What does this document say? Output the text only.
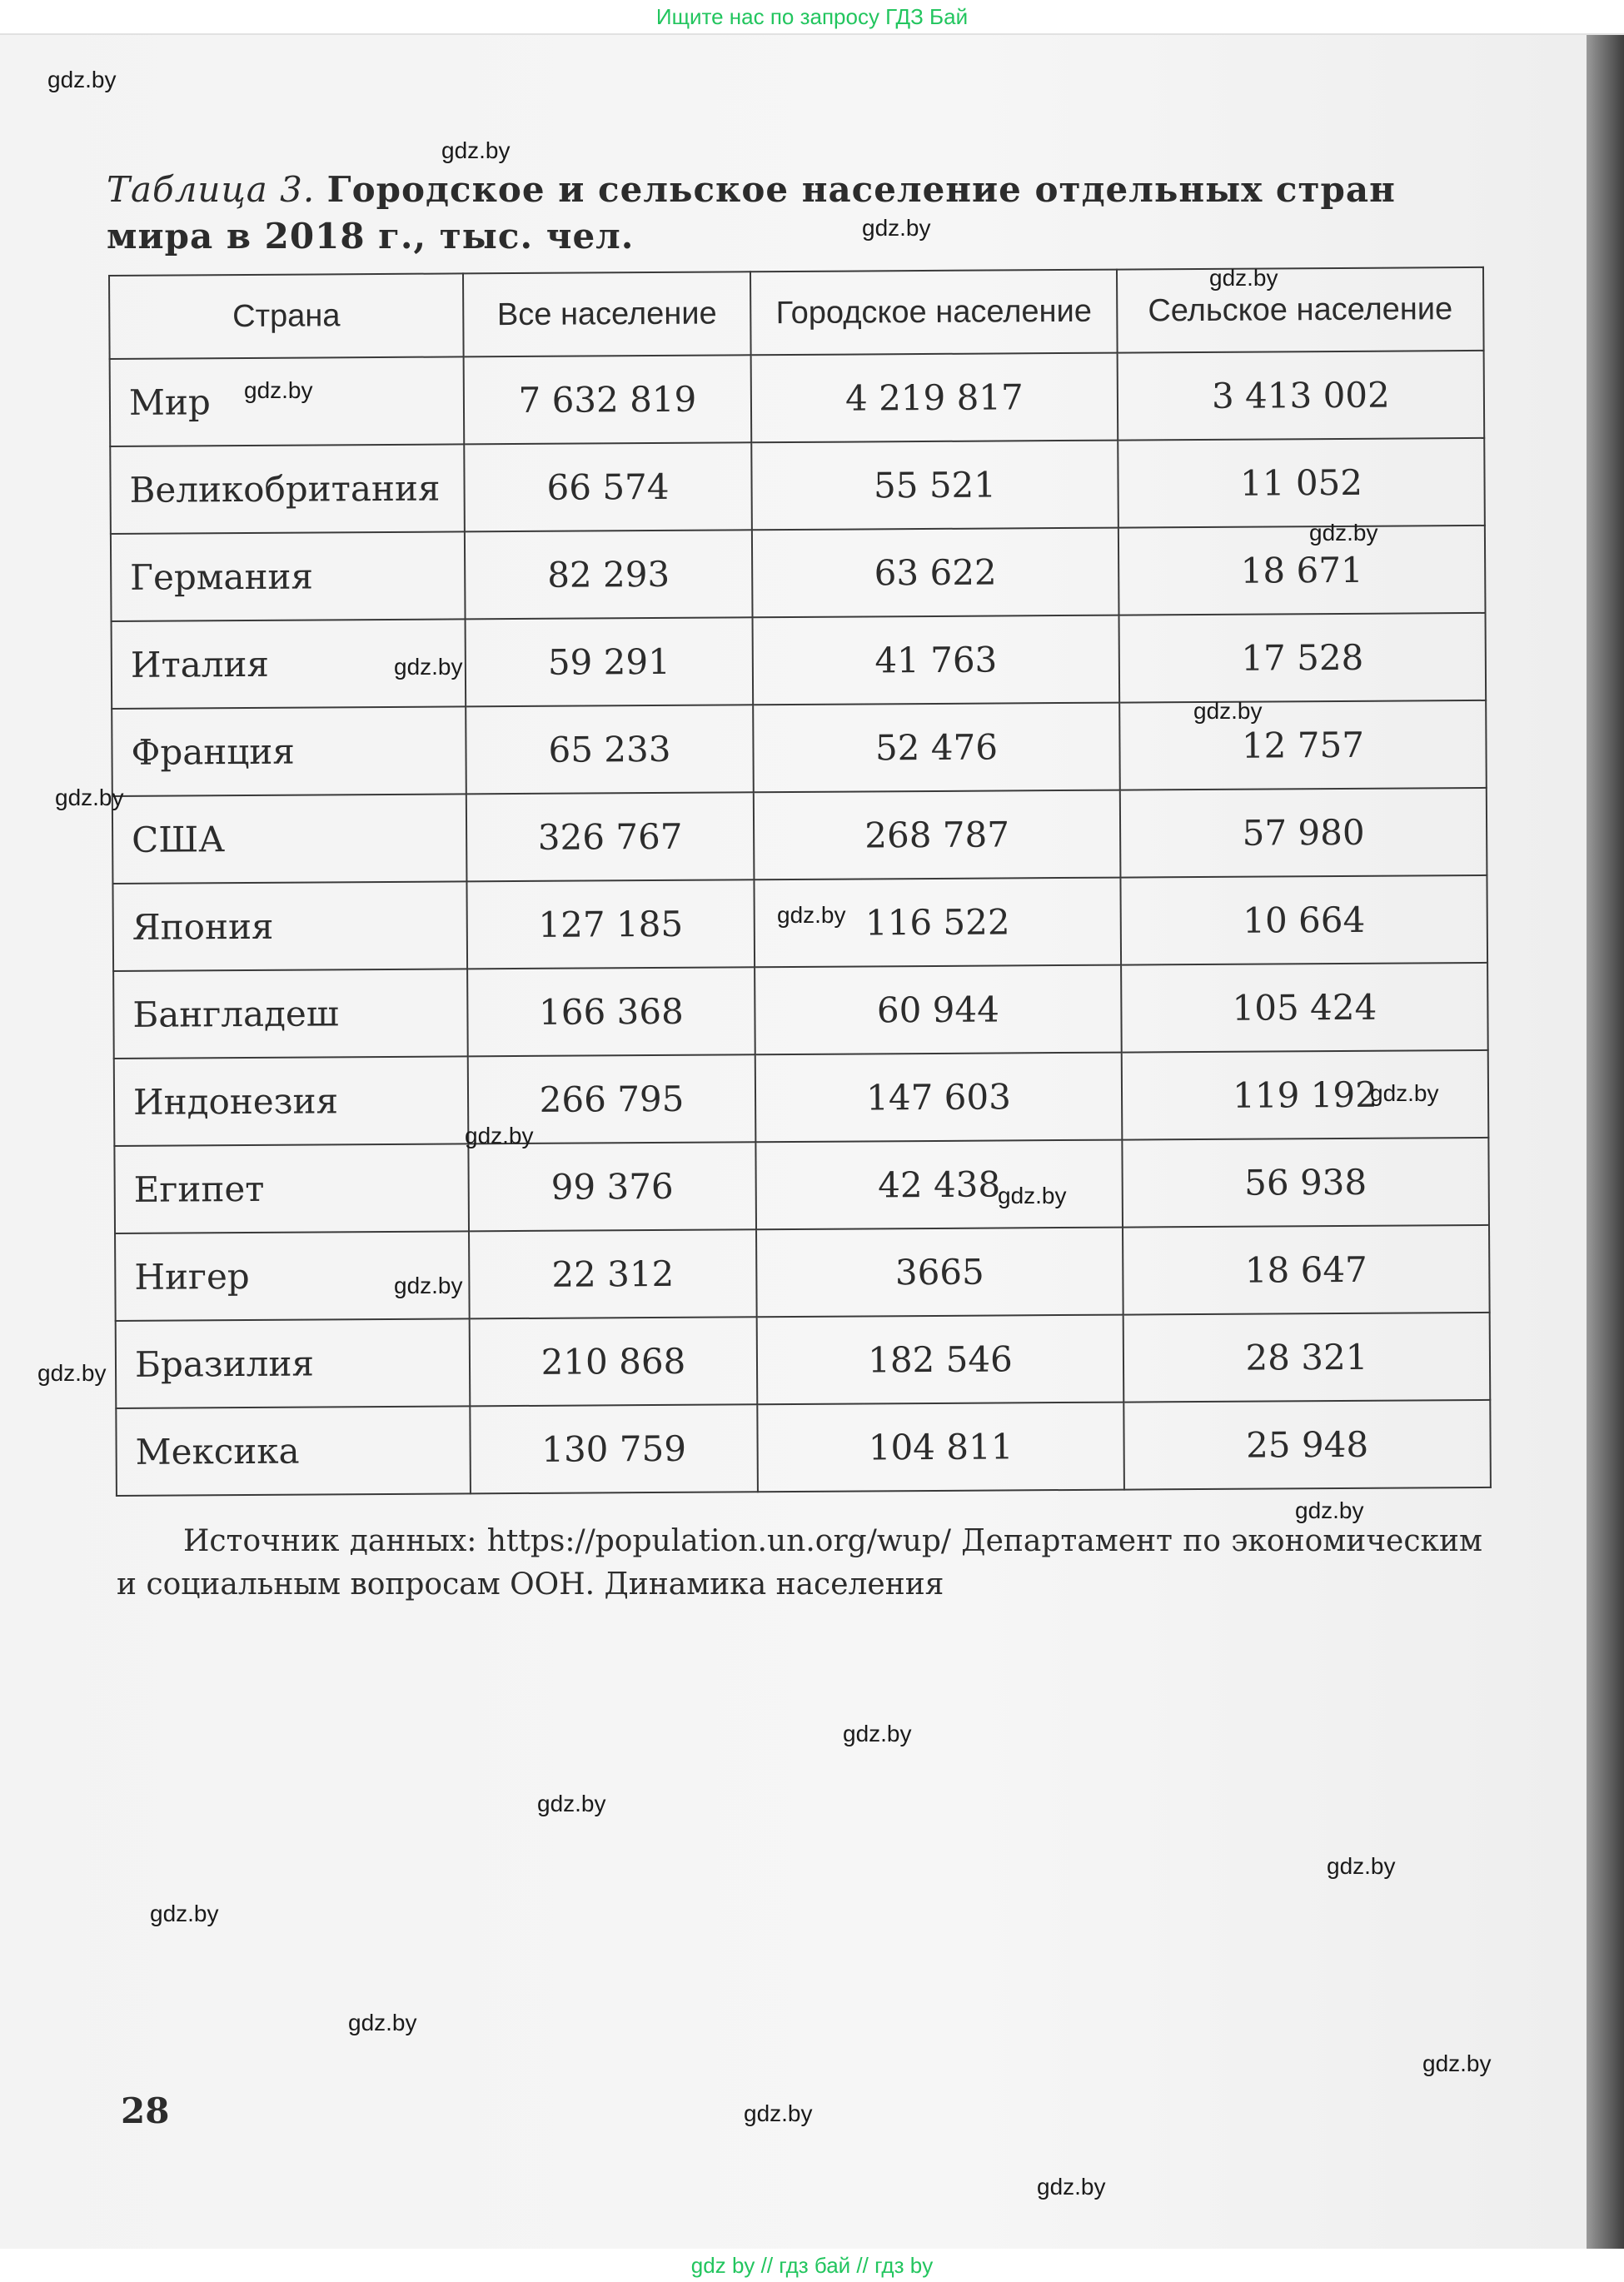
Ищите нас по запросу ГДЗ Бай
Таблица 3. Городское и сельское население отдельных стран мира в 2018 г., тыс. чел.
Страна	Все население	Городское население	Сельское население
Мир	7 632 819	4 219 817	3 413 002
Великобритания	66 574	55 521	11 052
Германия	82 293	63 622	18 671
Италия	59 291	41 763	17 528
Франция	65 233	52 476	12 757
США	326 767	268 787	57 980
Япония	127 185	116 522	10 664
Бангладеш	166 368	60 944	105 424
Индонезия	266 795	147 603	119 192
Египет	99 376	42 438	56 938
Нигер	22 312	3665	18 647
Бразилия	210 868	182 546	28 321
Мексика	130 759	104 811	25 948
Источник данных: https://population.un.org/wup/ Департамент по экономическим и социальным вопросам ООН. Динамика населения
28
gdz.by
gdz.by
gdz.by
gdz.by
gdz.by
gdz.by
gdz.by
gdz.by
gdz.by
gdz.by
gdz.by
gdz.by
gdz.by
gdz.by
gdz.by
gdz.by
gdz.by
gdz.by
gdz.by
gdz.by
gdz.by
gdz.by
gdz.by
gdz.by
gdz by // гдз бай // гдз by
